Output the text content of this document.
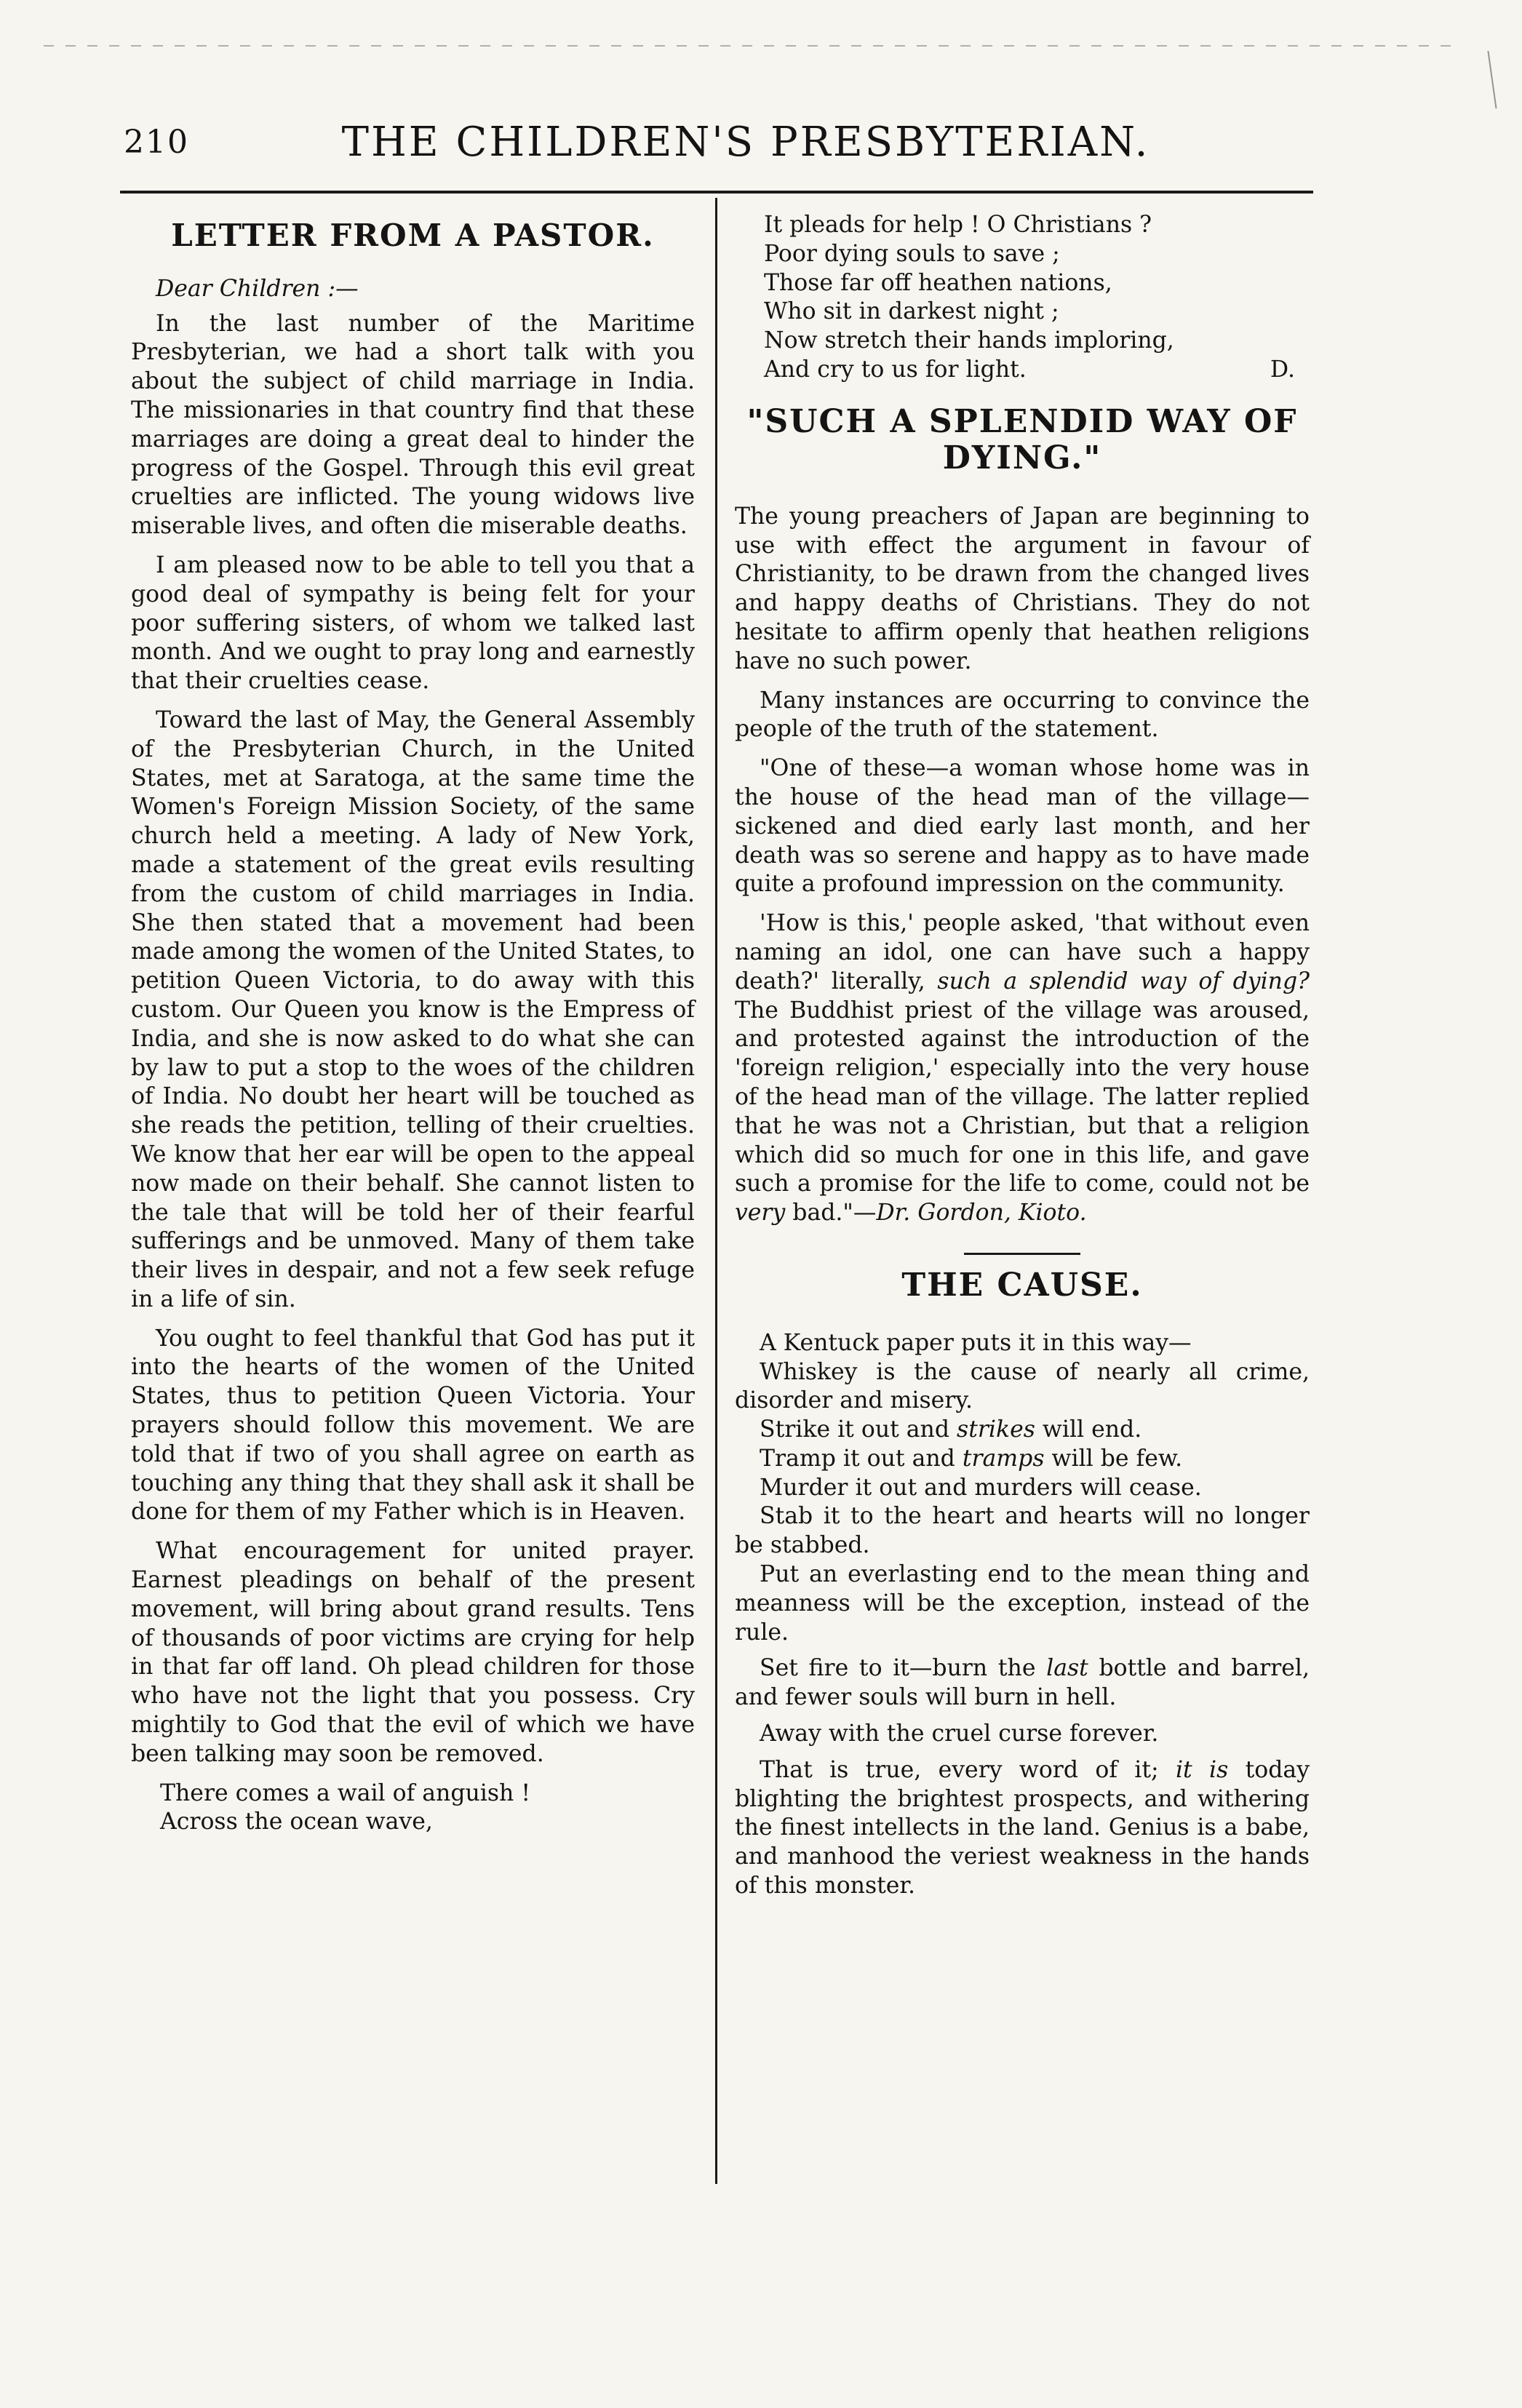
210	THE CHILDREN'S PRESBYTERIAN.
LETTER FROM A PASTOR.
Dear Children :—

In the last number of the Maritime Presbyterian, we had a short talk with you about the subject of child marriage in India. The missionaries in that country find that these marriages are doing a great deal to hinder the progress of the Gospel. Through this evil great cruelties are inflicted. The young widows live miserable lives, and often die miserable deaths.

I am pleased now to be able to tell you that a good deal of sympathy is being felt for your poor suffering sisters, of whom we talked last month. And we ought to pray long and earnestly that their cruelties cease.

Toward the last of May, the General Assembly of the Presbyterian Church, in the United States, met at Saratoga, at the same time the Women's Foreign Mission Society, of the same church held a meeting. A lady of New York, made a statement of the great evils resulting from the custom of child marriages in India. She then stated that a movement had been made among the women of the United States, to petition Queen Victoria, to do away with this custom. Our Queen you know is the Empress of India, and she is now asked to do what she can by law to put a stop to the woes of the children of India. No doubt her heart will be touched as she reads the petition, telling of their cruelties. We know that her ear will be open to the appeal now made on their behalf. She cannot listen to the tale that will be told her of their fearful sufferings and be unmoved. Many of them take their lives in despair, and not a few seek refuge in a life of sin.

You ought to feel thankful that God has put it into the hearts of the women of the United States, thus to petition Queen Victoria. Your prayers should follow this movement. We are told that if two of you shall agree on earth as touching any thing that they shall ask it shall be done for them of my Father which is in Heaven.

What encouragement for united prayer. Earnest pleadings on behalf of the present movement, will bring about grand results. Tens of thousands of poor victims are crying for help in that far off land. Oh plead children for those who have not the light that you possess. Cry mightily to God that the evil of which we have been talking may soon be removed.

There comes a wail of anguish !
Across the ocean wave,
It pleads for help ! O Christians ?
Poor dying souls to save ;
Those far off heathen nations,
Who sit in darkest night ;
Now stretch their hands imploring,
And cry to us for light.	D.
"SUCH A SPLENDID WAY OF DYING."

The young preachers of Japan are beginning to use with effect the argument in favour of Christianity, to be drawn from the changed lives and happy deaths of Christians. They do not hesitate to affirm openly that heathen religions have no such power.

Many instances are occurring to convince the people of the truth of the statement.

"One of these—a woman whose home was in the house of the head man of the village—sickened and died early last month, and her death was so serene and happy as to have made quite a profound impression on the community.

'How is this,' people asked, 'that without even naming an idol, one can have such a happy death?' literally, such a splendid way of dying? The Buddhist priest of the village was aroused, and protested against the introduction of the 'foreign religion,' especially into the very house of the head man of the village. The latter replied that he was not a Christian, but that a religion which did so much for one in this life, and gave such a promise for the life to come, could not be very bad."—Dr. Gordon, Kioto.

THE CAUSE.
A Kentuck paper puts it in this way—
Whiskey is the cause of nearly all crime, disorder and misery.
Strike it out and strikes will end.
Tramp it out and tramps will be few.
Murder it out and murders will cease.
Stab it to the heart and hearts will no longer be stabbed.
Put an everlasting end to the mean thing and meanness will be the exception, instead of the rule.
Set fire to it—burn the last bottle and barrel, and fewer souls will burn in hell.
Away with the cruel curse forever.
That is true, every word of it; it is today blighting the brightest prospects, and withering the finest intellects in the land. Genius is a babe, and manhood the veriest weakness in the hands of this monster.
